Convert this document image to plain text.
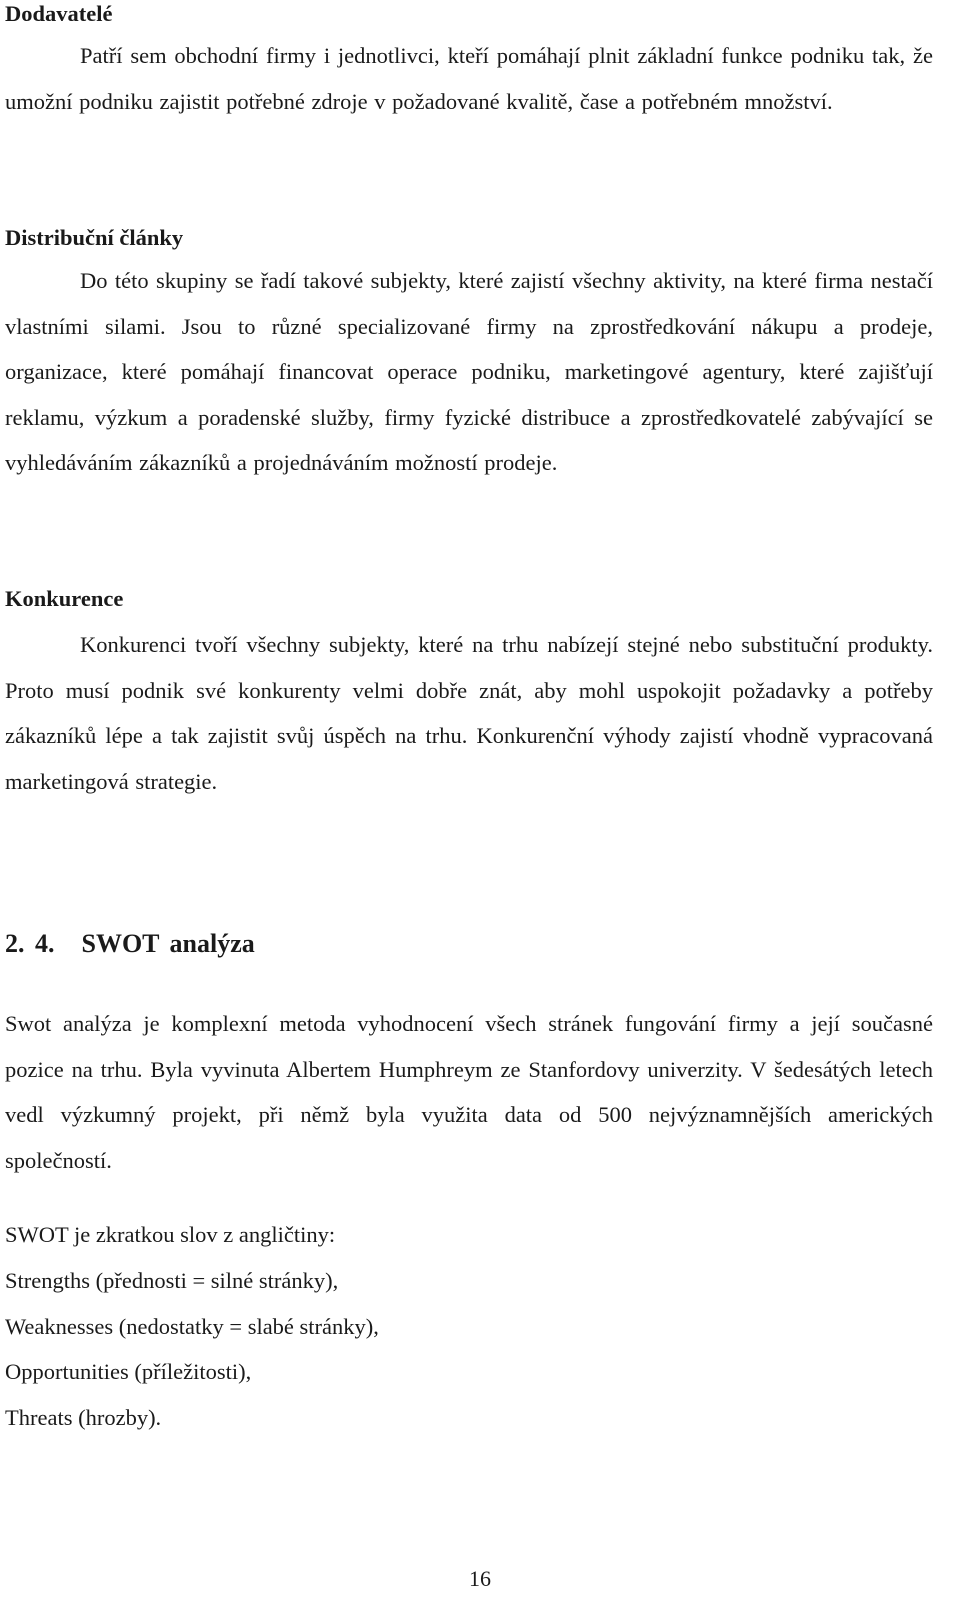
Dodavatelé

Patří sem obchodní firmy i jednotlivci, kteří pomáhají plnit základní funkce podniku tak, že umožní podniku zajistit potřebné zdroje v požadované kvalitě, čase a potřebném množství.

Distribuční články

Do této skupiny se řadí takové subjekty, které zajistí všechny aktivity, na které firma nestačí vlastními silami. Jsou to různé specializované firmy na zprostředkování nákupu a prodeje, organizace, které pomáhají financovat operace podniku, marketingové agentury, které zajišťují reklamu, výzkum a poradenské služby, firmy fyzické distribuce a zprostředkovatelé zabývající se vyhledáváním zákazníků a projednáváním možností prodeje.

Konkurence

Konkurenci tvoří všechny subjekty, které na trhu nabízejí stejné nebo substituční produkty. Proto musí podnik své konkurenty velmi dobře znát, aby mohl uspokojit požadavky a potřeby zákazníků lépe a tak zajistit svůj úspěch na trhu. Konkurenční výhody zajistí vhodně vypracovaná marketingová strategie.

2. 4. SWOT analýza

Swot analýza je komplexní metoda vyhodnocení všech stránek fungování firmy a její současné pozice na trhu. Byla vyvinuta Albertem Humphreym ze Stanfordovy univerzity. V šedesátých letech vedl výzkumný projekt, při němž byla využita data od 500 nejvýznamnějších amerických společností.

SWOT je zkratkou slov z angličtiny:

Strengths (přednosti = silné stránky),

Weaknesses (nedostatky = slabé stránky),

Opportunities (příležitosti),

Threats (hrozby).

16
